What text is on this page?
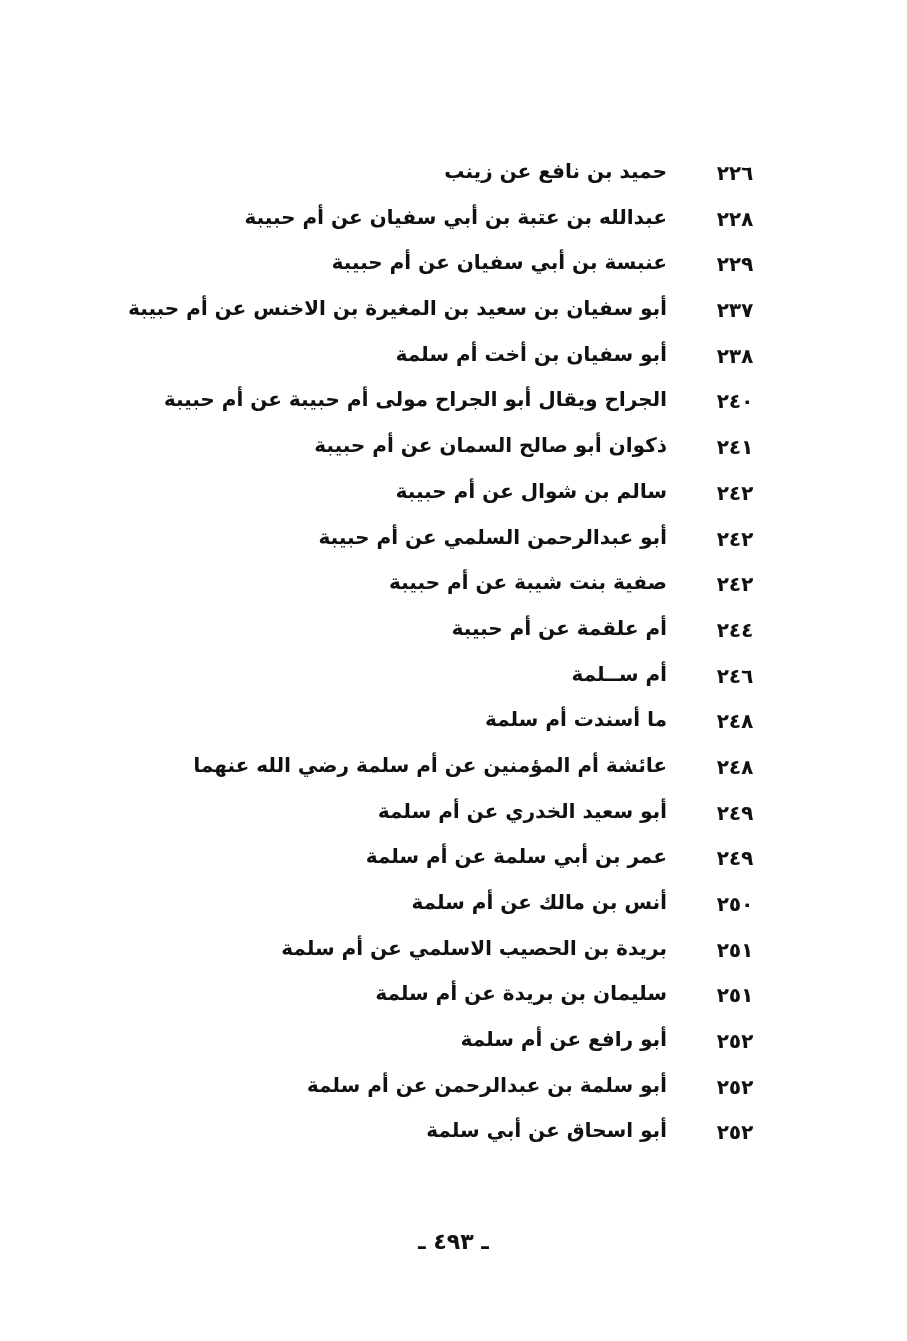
٢٢٦
حميد بن نافع عن زينب
٢٢٨
عبدالله بن عتبة بن أبي سفيان عن أم حبيبة
٢٢٩
عنبسة بن أبي سفيان عن أم حبيبة
٢٣٧
أبو سفيان بن سعيد بن المغيرة بن الاخنس عن أم حبيبة
٢٣٨
أبو سفيان بن أخت أم سلمة
٢٤٠
الجراح ويقال أبو الجراح مولى أم حبيبة عن أم حبيبة
٢٤١
ذكوان أبو صالح السمان عن أم حبيبة
٢٤٢
سالم بن شوال عن أم حبيبة
٢٤٢
أبو عبدالرحمن السلمي عن أم حبيبة
٢٤٢
صفية بنت شيبة عن أم حبيبة
٢٤٤
أم علقمة عن أم حبيبة
٢٤٦
أم ســلمة
٢٤٨
ما أسندت أم سلمة
٢٤٨
عائشة أم المؤمنين عن أم سلمة رضي الله عنهما
٢٤٩
أبو سعيد الخدري عن أم سلمة
٢٤٩
عمر بن أبي سلمة عن أم سلمة
٢٥٠
أنس بن مالك عن أم سلمة
٢٥١
بريدة بن الحصيب الاسلمي عن أم سلمة
٢٥١
سليمان بن بريدة عن أم سلمة
٢٥٢
أبو رافع عن أم سلمة
٢٥٢
أبو سلمة بن عبدالرحمن عن أم سلمة
٢٥٢
أبو اسحاق عن أبي سلمة
ـ ٤٩٣ ـ
